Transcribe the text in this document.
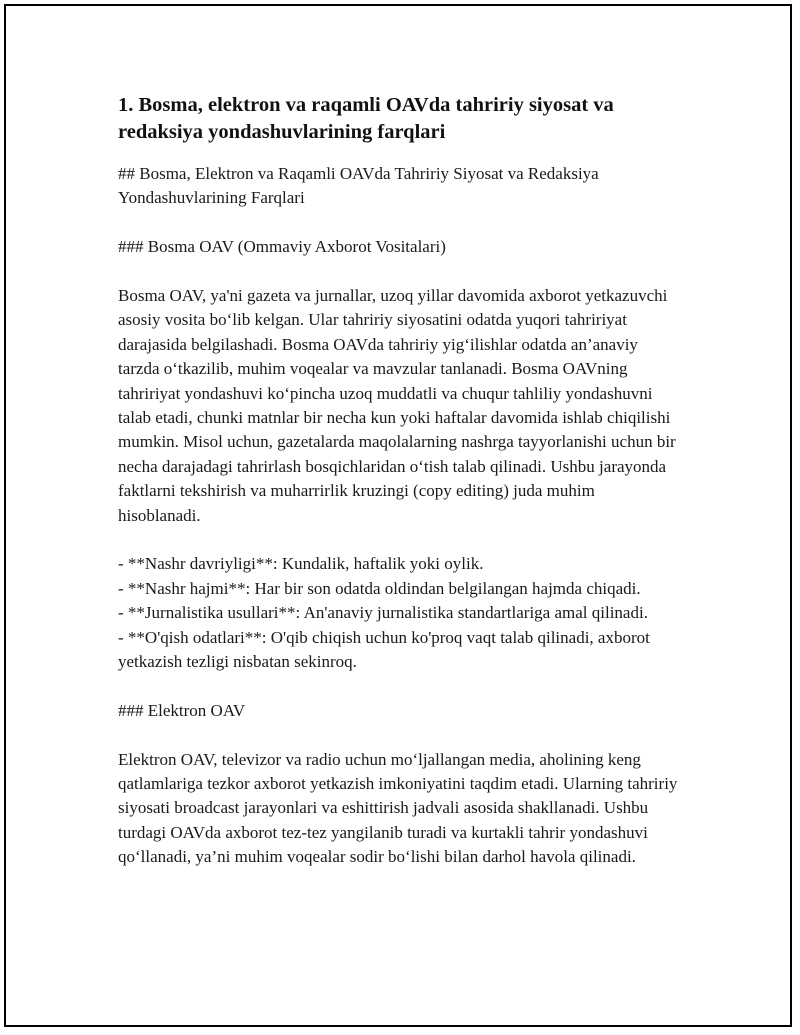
1. Bosma, elektron va raqamli OAVda tahririy siyosat va redaksiya yondashuvlarining farqlari

## Bosma, Elektron va Raqamli OAVda Tahririy Siyosat va Redaksiya Yondashuvlarining Farqlari

### Bosma OAV (Ommaviy Axborot Vositalari)

Bosma OAV, ya'ni gazeta va jurnallar, uzoq yillar davomida axborot yetkazuvchi asosiy vosita bo‘lib kelgan. Ular tahririy siyosatini odatda yuqori tahririyat darajasida belgilashadi. Bosma OAVda tahririy yig‘ilishlar odatda an’anaviy tarzda o‘tkazilib, muhim voqealar va mavzular tanlanadi. Bosma OAVning tahririyat yondashuvi ko‘pincha uzoq muddatli va chuqur tahliliy yondashuvni talab etadi, chunki matnlar bir necha kun yoki haftalar davomida ishlab chiqilishi mumkin. Misol uchun, gazetalarda maqolalarning nashrga tayyorlanishi uchun bir necha darajadagi tahrirlash bosqichlaridan o‘tish talab qilinadi. Ushbu jarayonda faktlarni tekshirish va muharrirlik kruzingi (copy editing) juda muhim hisoblanadi.

- **Nashr davriyligi**: Kundalik, haftalik yoki oylik.

- **Nashr hajmi**: Har bir son odatda oldindan belgilangan hajmda chiqadi.

- **Jurnalistika usullari**: An'anaviy jurnalistika standartlariga amal qilinadi.

- **O'qish odatlari**: O'qib chiqish uchun ko'proq vaqt talab qilinadi, axborot yetkazish tezligi nisbatan sekinroq.

### Elektron OAV

Elektron OAV, televizor va radio uchun mo‘ljallangan media, aholining keng qatlamlariga tezkor axborot yetkazish imkoniyatini taqdim etadi. Ularning tahririy siyosati broadcast jarayonlari va eshittirish jadvali asosida shakllanadi. Ushbu turdagi OAVda axborot tez-tez yangilanib turadi va kurtakli tahrir yondashuvi qo‘llanadi, ya’ni muhim voqealar sodir bo‘lishi bilan darhol havola qilinadi.
